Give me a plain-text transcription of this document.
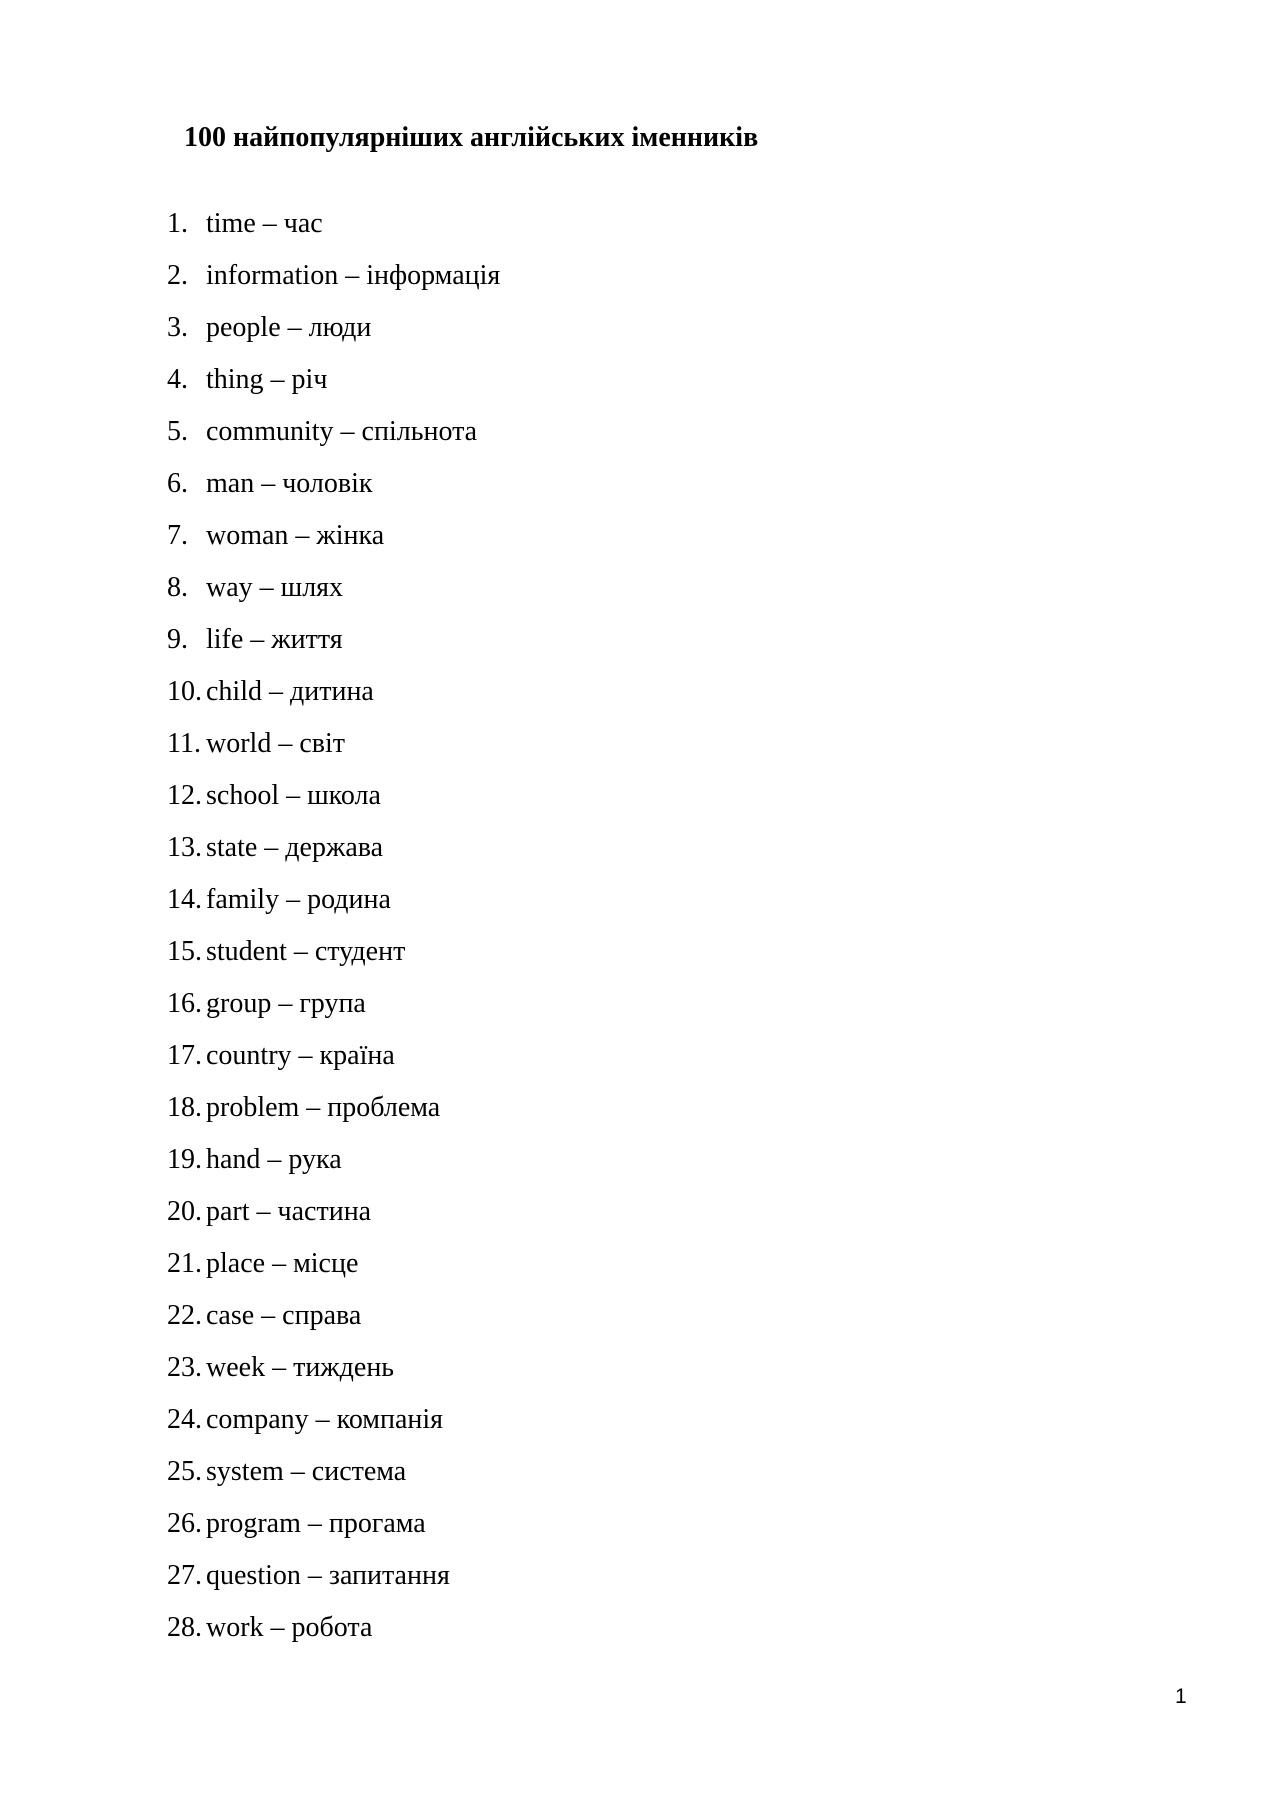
100 найпопулярніших англійських іменників
1. time – час
2. information – інформація
3. people – люди
4. thing – річ
5. community – спільнота
6. man – чоловік
7. woman – жінка
8. way – шлях
9. life – життя
10. child – дитина
11. world – світ
12. school – школа
13. state – держава
14. family – родина
15. student – студент
16. group – група
17. country – країна
18. problem – проблема
19. hand – рука
20. part – частина
21. place – місце
22. case – справа
23. week – тиждень
24. company – компанія
25. system – система
26. program – прогама
27. question – запитання
28. work – робота
1
